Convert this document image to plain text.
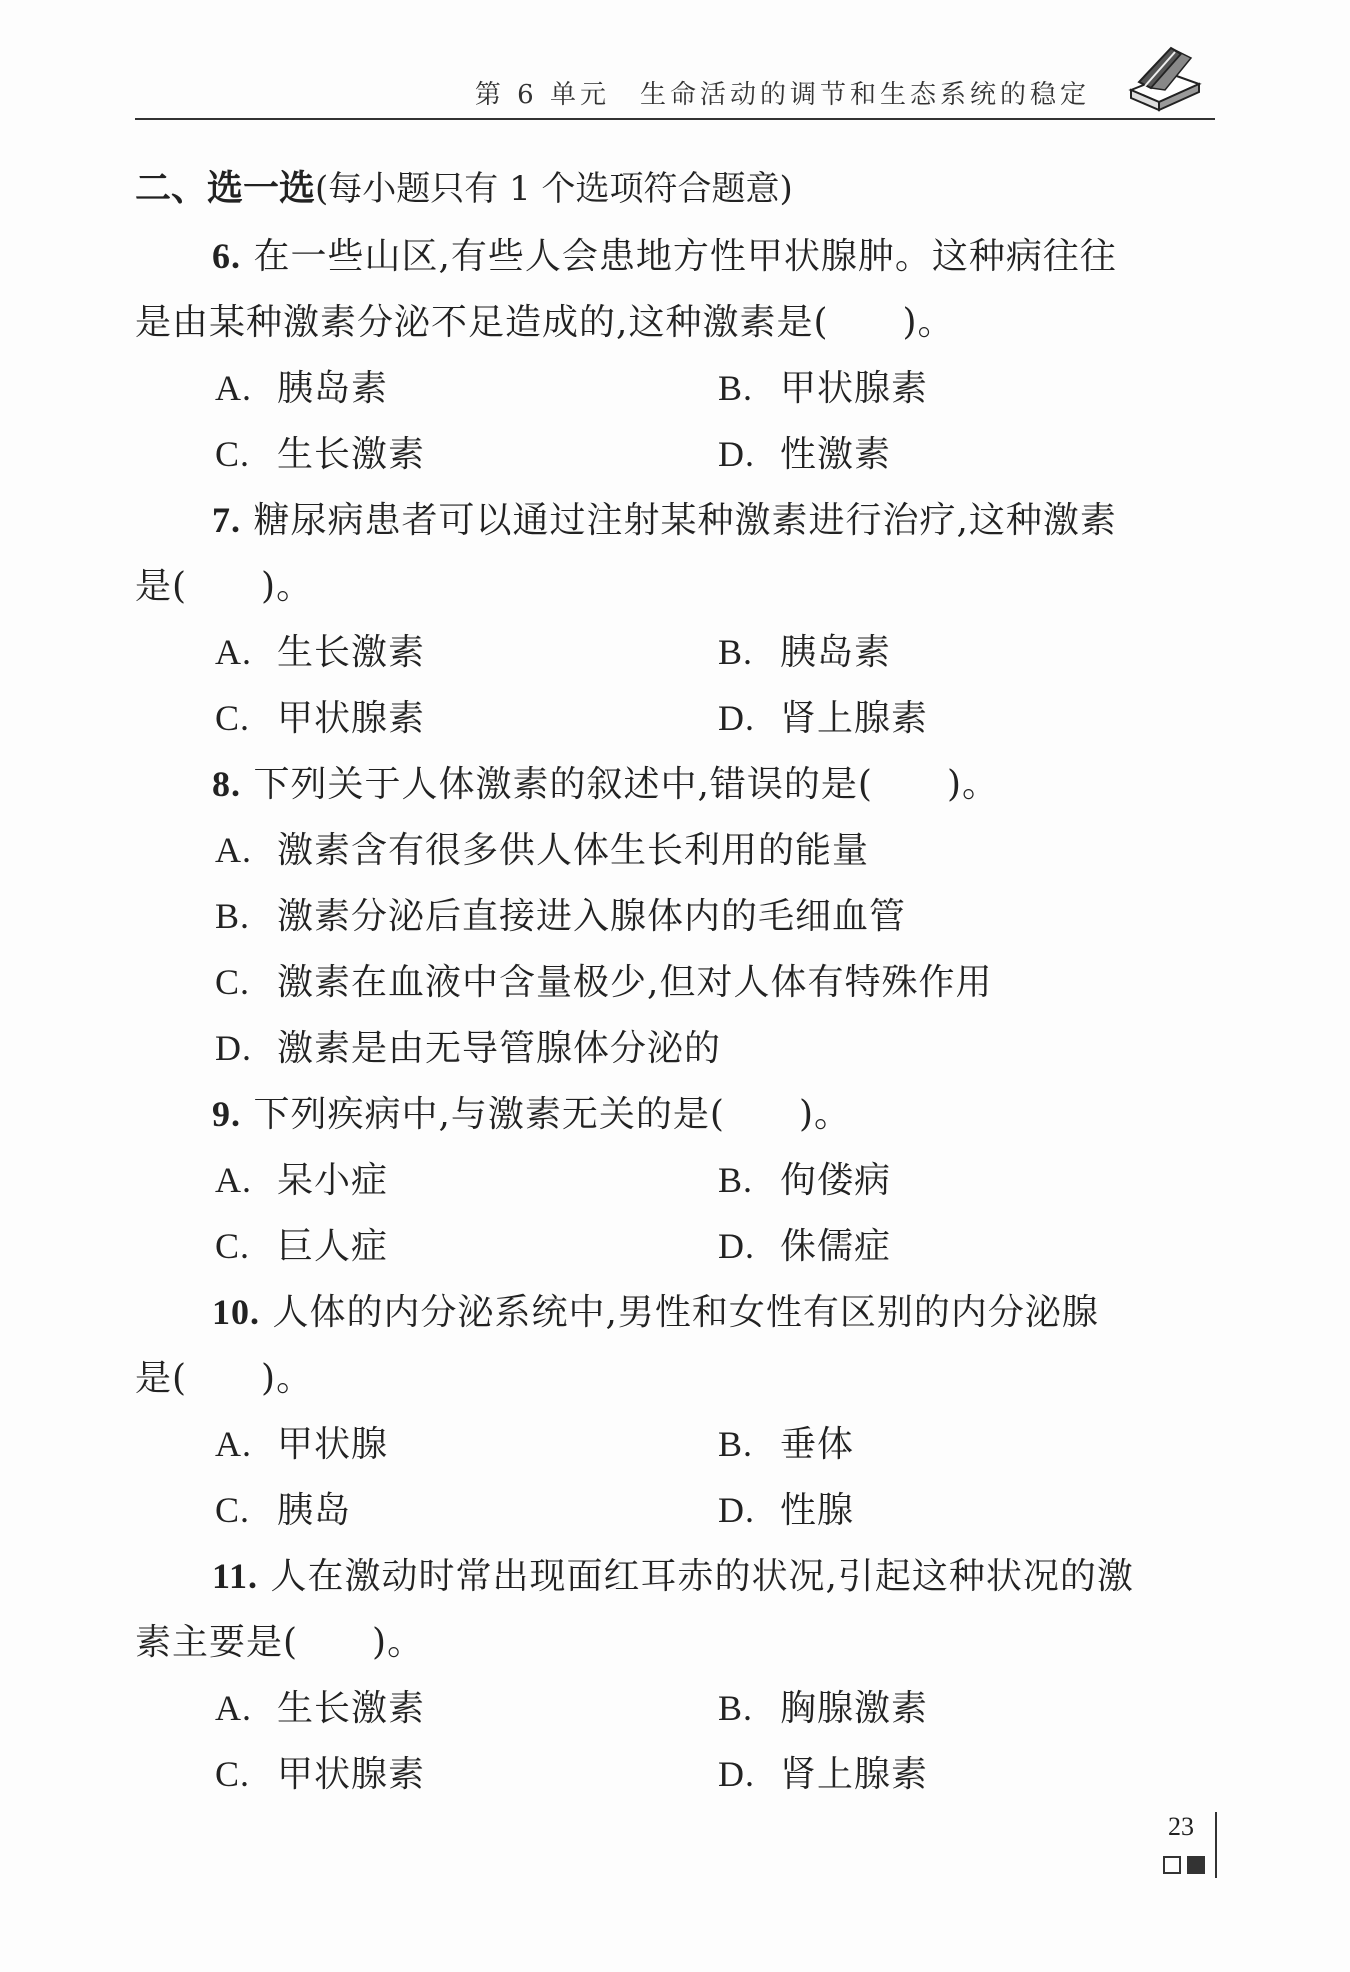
第 6 单元　生命活动的调节和生态系统的稳定
二、选一选(每小题只有 1 个选项符合题意)
6. 在一些山区,有些人会患地方性甲状腺肿。这种病往往
是由某种激素分泌不足造成的,这种激素是(　　)。
A. 胰岛素	B. 甲状腺素
C. 生长激素	D. 性激素
7. 糖尿病患者可以通过注射某种激素进行治疗,这种激素
是(　　)。
A. 生长激素	B. 胰岛素
C. 甲状腺素	D. 肾上腺素
8. 下列关于人体激素的叙述中,错误的是(　　)。
A. 激素含有很多供人体生长利用的能量
B. 激素分泌后直接进入腺体内的毛细血管
C. 激素在血液中含量极少,但对人体有特殊作用
D. 激素是由无导管腺体分泌的
9. 下列疾病中,与激素无关的是(　　)。
A. 呆小症	B. 佝偻病
C. 巨人症	D. 侏儒症
10. 人体的内分泌系统中,男性和女性有区别的内分泌腺
是(　　)。
A. 甲状腺	B. 垂体
C. 胰岛	D. 性腺
11. 人在激动时常出现面红耳赤的状况,引起这种状况的激
素主要是(　　)。
A. 生长激素	B. 胸腺激素
C. 甲状腺素	D. 肾上腺素
23
